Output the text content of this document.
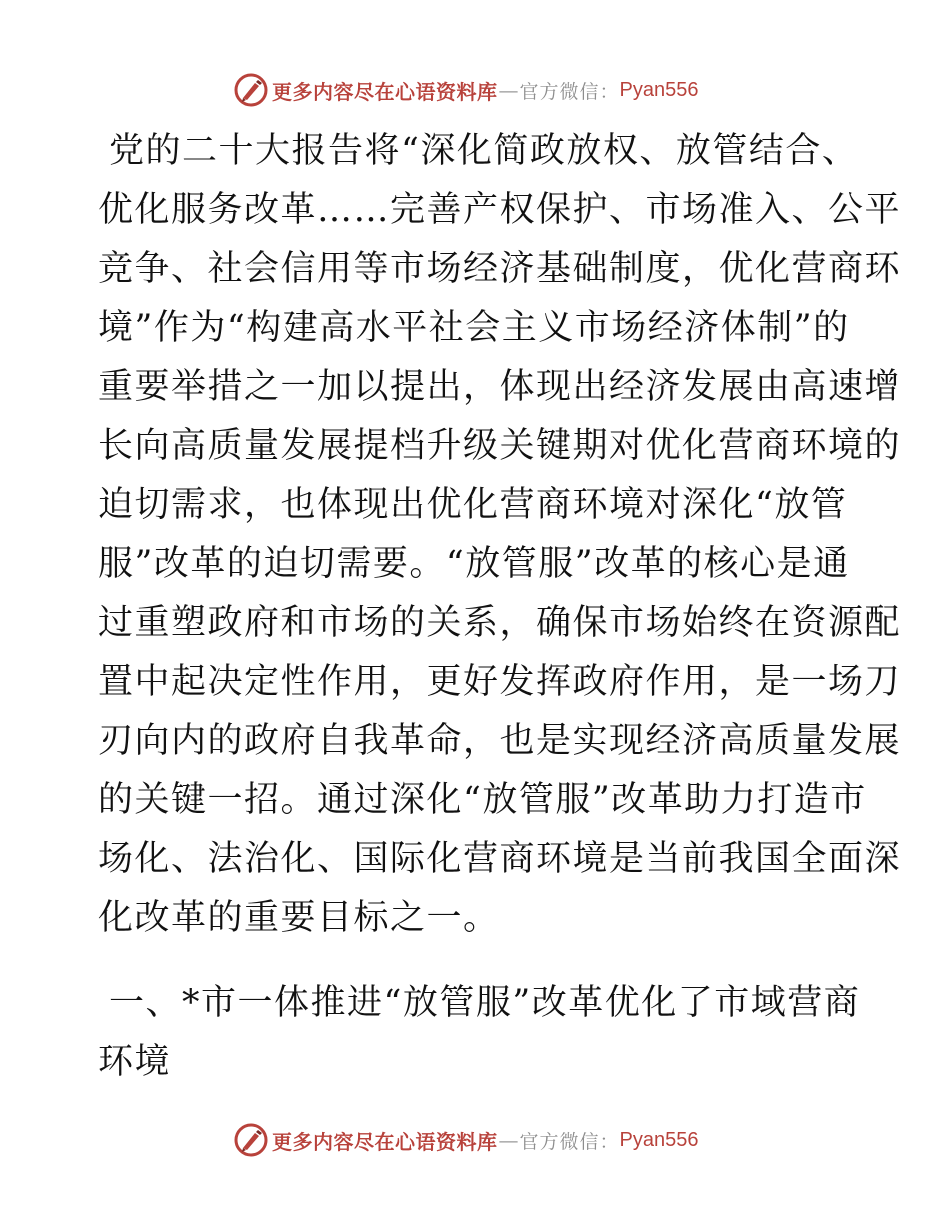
更多内容尽在心语资料库 — 官方微信： Pyan556
党的二十大报告将“深化简政放权、放管结合、
优化服务改革……完善产权保护、市场准入、公平
竞争、社会信用等市场经济基础制度，优化营商环
境”作为“构建高水平社会主义市场经济体制”的
重要举措之一加以提出，体现出经济发展由高速增
长向高质量发展提档升级关键期对优化营商环境的
迫切需求，也体现出优化营商环境对深化“放管
服”改革的迫切需要。“放管服”改革的核心是通
过重塑政府和市场的关系，确保市场始终在资源配
置中起决定性作用，更好发挥政府作用，是一场刀
刃向内的政府自我革命，也是实现经济高质量发展
的关键一招。通过深化“放管服”改革助力打造市
场化、法治化、国际化营商环境是当前我国全面深
化改革的重要目标之一。
一、*市一体推进“放管服”改革优化了市域营商
环境
更多内容尽在心语资料库 — 官方微信： Pyan556
